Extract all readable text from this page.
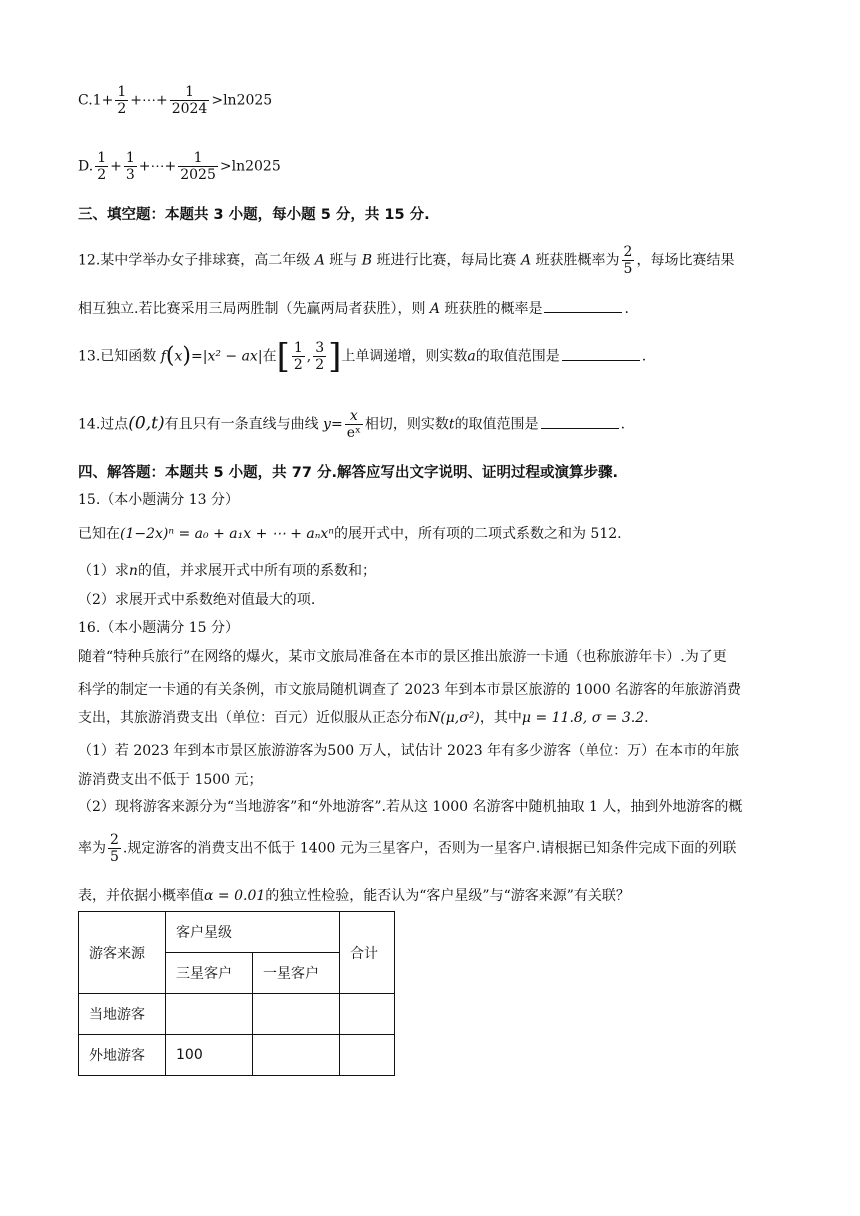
$C.1+ \frac{1}{2}$ +⋯+ $\frac{1}{2024} >\ln 2025$
D. $\frac{1}{2} + \frac{1}{3}$ +⋯+ $\frac{1}{2025} >\ln 2025$
三、填空题：本题共 3 小题，每小题 5 分，共 15 分.
12.某中学举办女子排球赛，高二年级 A 班与 B 班进行比赛，每局比赛 A 班获胜概率为 $\frac{2}{5}$ ，每场比赛结果
相互独立.若比赛采用三局两胜制（先赢两局者获胜），则 A 班获胜的概率是	.
13.已知函数 f(x)=|x² − ax|在[ $\frac{1}{2}$ , $\frac{3}{2}$ ]上单调递增，则实数a的取值范围是	.
14.过点(0,t)有且只有一条直线与曲线 $y= \frac{x}{\text{eˣ}}$ 相切，则实数t的取值范围是	.
四、解答题：本题共 5 小题，共 77 分.解答应写出文字说明、证明过程或演算步骤.
15.（本小题满分 13 分）
已知在(1−2x)ⁿ = a₀ + a₁x + ⋯ + aₙxⁿ的展开式中，所有项的二项式系数之和为 512.
（1）求n的值，并求展开式中所有项的系数和；
（2）求展开式中系数绝对值最大的项.
16.（本小题满分 15 分）
随着“特种兵旅行”在网络的爆火，某市文旅局准备在本市的景区推出旅游一卡通（也称旅游年卡）.为了更
科学的制定一卡通的有关条例，市文旅局随机调查了 2023 年到本市景区旅游的 1000 名游客的年旅游消费
支出，其旅游消费支出（单位：百元）近似服从正态分布N(μ,σ²)，其中μ = 11.8, σ = 3.2.
（1）若 2023 年到本市景区旅游游客为500 万人，试估计 2023 年有多少游客（单位：万）在本市的年旅
游消费支出不低于 1500 元；
（2）现将游客来源分为“当地游客”和“外地游客”.若从这 1000 名游客中随机抽取 1 人，抽到外地游客的概
率为 $\frac{2}{5}$ .规定游客的消费支出不低于 1400 元为三星客户，否则为一星客户.请根据已知条件完成下面的列联
表，并依据小概率值α = 0.01的独立性检验，能否认为“客户星级”与“游客来源”有关联？
游客来源	客户星级		合计
	三星客户	一星客户	
当地游客			
外地游客	100		
